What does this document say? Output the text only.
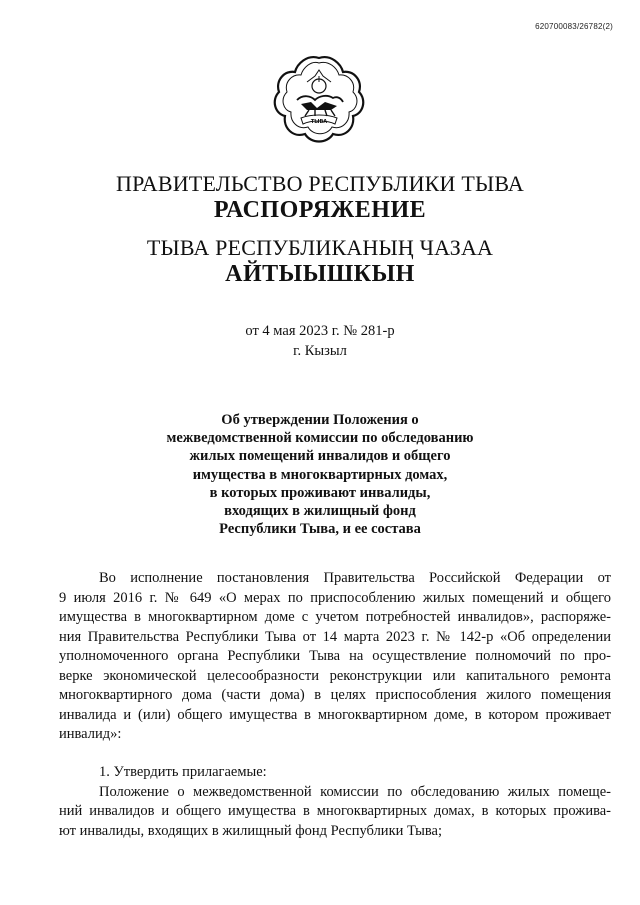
620700083/26782(2)
ТЫВА
ПРАВИТЕЛЬСТВО РЕСПУБЛИКИ ТЫВА
РАСПОРЯЖЕНИЕ
ТЫВА РЕСПУБЛИКАНЫҢ ЧАЗАА
АЙТЫЫШКЫН
от 4 мая 2023 г. № 281-р
г. Кызыл
Об утверждении Положения о
межведомственной комиссии по обследованию
жилых помещений инвалидов и общего
имущества в многоквартирных домах,
в которых проживают инвалиды,
входящих в жилищный фонд
Республики Тыва, и ее состава
Во исполнение постановления Правительства Российской Федерации от
9 июля 2016 г. № 649 «О мерах по приспособлению жилых помещений и общего
имущества в многоквартирном доме с учетом потребностей инвалидов», распоряже-
ния Правительства Республики Тыва от 14 марта 2023 г. № 142-р «Об определении
уполномоченного органа Республики Тыва на осуществление полномочий по про-
верке экономической целесообразности реконструкции или капитального ремонта
многоквартирного дома (части дома) в целях приспособления жилого помещения
инвалида и (или) общего имущества в многоквартирном доме, в котором проживает
инвалид»:
1. Утвердить прилагаемые:
Положение о межведомственной комиссии по обследованию жилых помеще-
ний инвалидов и общего имущества в многоквартирных домах, в которых прожива-
ют инвалиды, входящих в жилищный фонд Республики Тыва;
